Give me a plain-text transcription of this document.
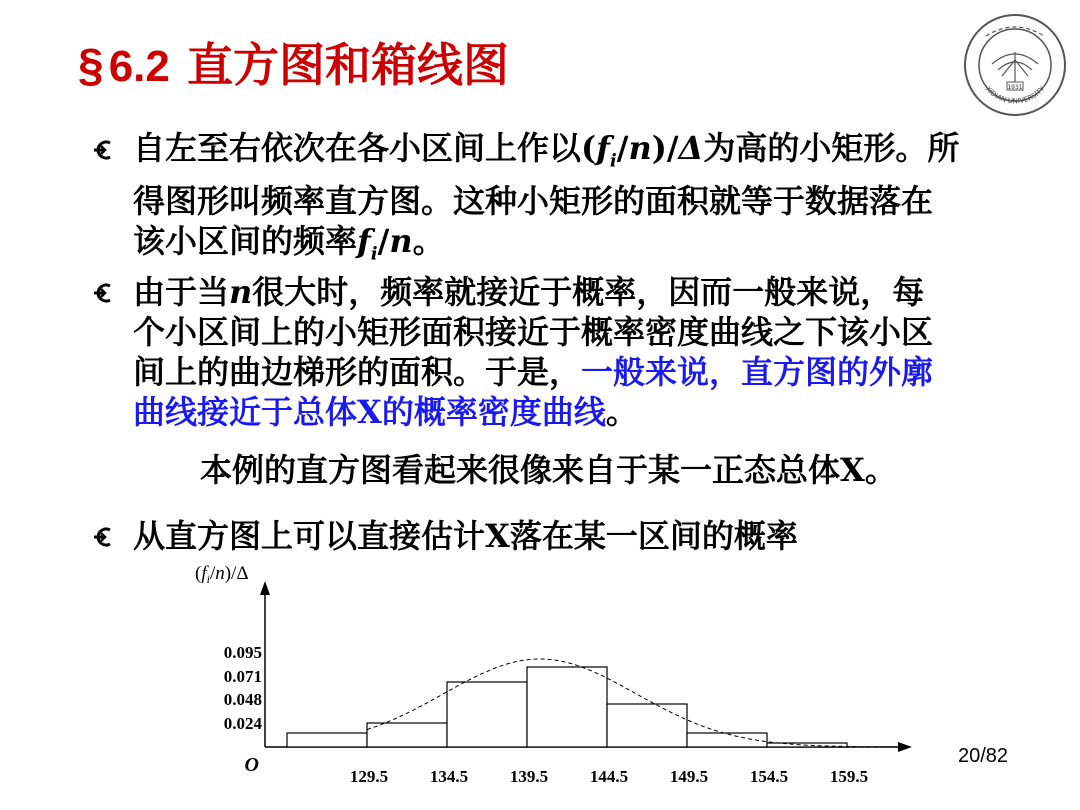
§ 6.2 直方图和箱线图	1931
XIDIAN UNIVERSITY
自左至右依次在各小区间上作以$(f_i/n)/\Delta$为高的小矩形。所
得图形叫频率直方图。这种小矩形的面积就等于数据落在
该小区间的频率$f_i/n$。
由于当n很大时，频率就接近于概率，因而一般来说，每
个小区间上的小矩形面积接近于概率密度曲线之下该小区
间上的曲边梯形的面积。于是，一般来说，直方图的外廓
曲线接近于总体X的概率密度曲线。
本例的直方图看起来很像来自于某一正态总体X。
从直方图上可以直接估计X落在某一区间的概率
0.024
0.048
0.071
0.095
129.5 134.5 139.5 144.5 149.5 154.5 159.5
O
$(f_i/n)/\Delta$
20/82
